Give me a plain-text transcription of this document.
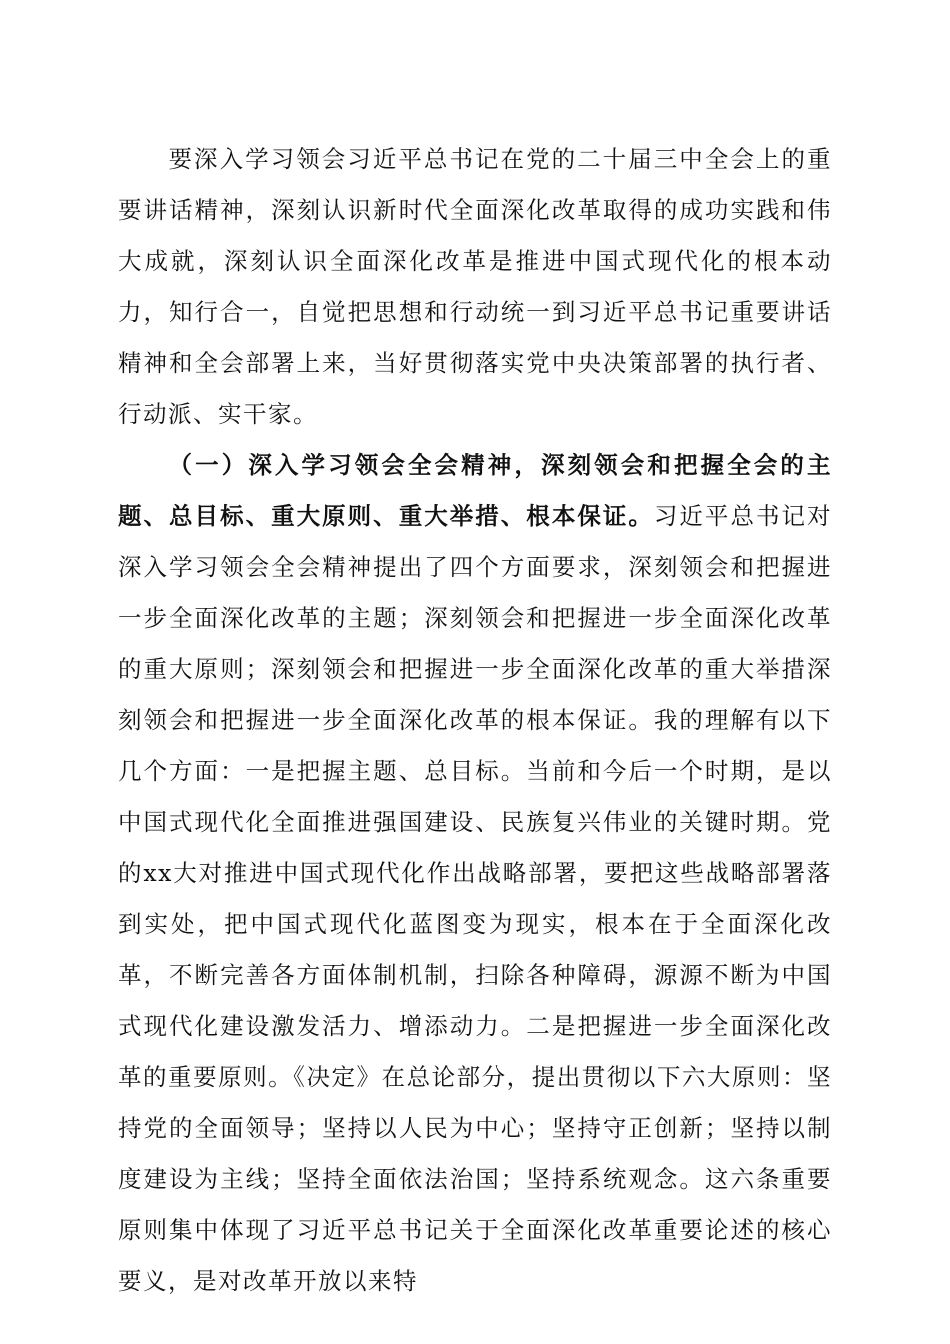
要深入学习领会习近平总书记在党的二十届三中全会上的重要讲话精神，深刻认识新时代全面深化改革取得的成功实践和伟大成就，深刻认识全面深化改革是推进中国式现代化的根本动力，知行合一，自觉把思想和行动统一到习近平总书记重要讲话精神和全会部署上来，当好贯彻落实党中央决策部署的执行者、行动派、实干家。

（一）深入学习领会全会精神，深刻领会和把握全会的主题、总目标、重大原则、重大举措、根本保证。习近平总书记对深入学习领会全会精神提出了四个方面要求，深刻领会和把握进一步全面深化改革的主题；深刻领会和把握进一步全面深化改革的重大原则；深刻领会和把握进一步全面深化改革的重大举措深刻领会和把握进一步全面深化改革的根本保证。我的理解有以下几个方面：一是把握主题、总目标。当前和今后一个时期，是以中国式现代化全面推进强国建设、民族复兴伟业的关键时期。党的xx大对推进中国式现代化作出战略部署，要把这些战略部署落到实处，把中国式现代化蓝图变为现实，根本在于全面深化改革，不断完善各方面体制机制，扫除各种障碍，源源不断为中国式现代化建设激发活力、增添动力。二是把握进一步全面深化改革的重要原则。《决定》在总论部分，提出贯彻以下六大原则：坚持党的全面领导；坚持以人民为中心；坚持守正创新；坚持以制度建设为主线；坚持全面依法治国；坚持系统观念。这六条重要原则集中体现了习近平总书记关于全面深化改革重要论述的核心要义，是对改革开放以来特
